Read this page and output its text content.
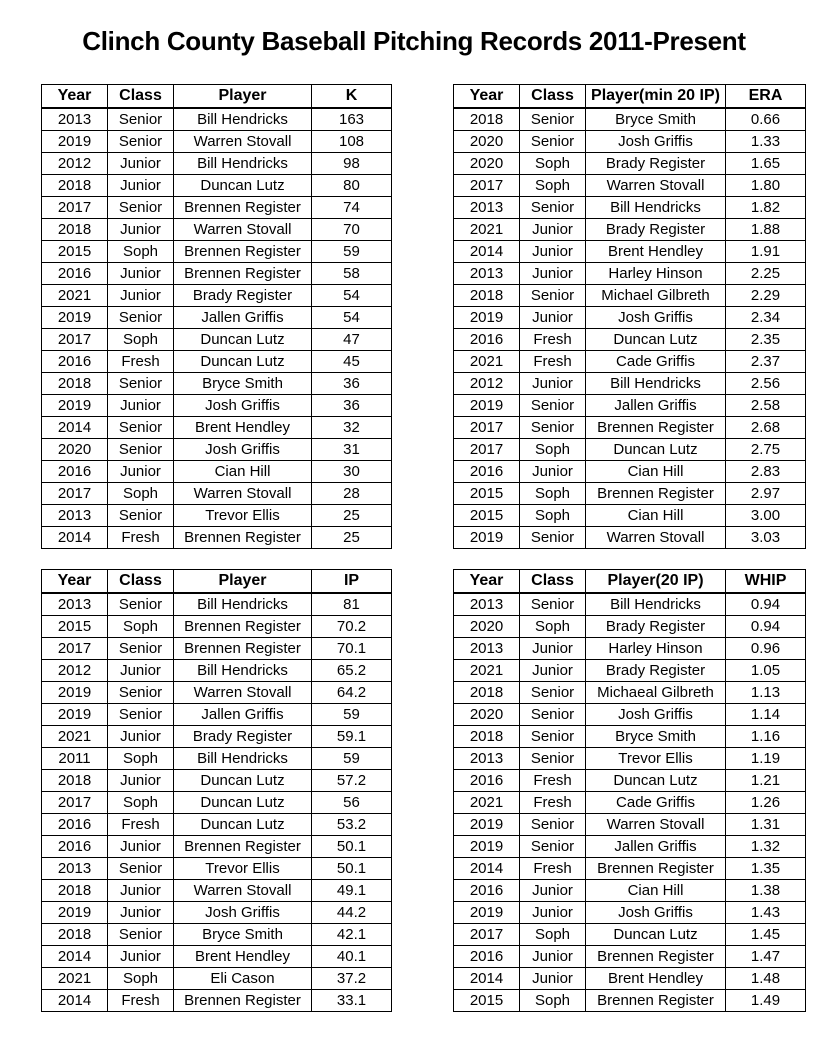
Clinch County Baseball Pitching Records 2011-Present
Year	Class	Player	K
2013	Senior	Bill Hendricks	163
2019	Senior	Warren Stovall	108
2012	Junior	Bill Hendricks	98
2018	Junior	Duncan Lutz	80
2017	Senior	Brennen Register	74
2018	Junior	Warren Stovall	70
2015	Soph	Brennen Register	59
2016	Junior	Brennen Register	58
2021	Junior	Brady Register	54
2019	Senior	Jallen Griffis	54
2017	Soph	Duncan Lutz	47
2016	Fresh	Duncan Lutz	45
2018	Senior	Bryce Smith	36
2019	Junior	Josh Griffis	36
2014	Senior	Brent Hendley	32
2020	Senior	Josh Griffis	31
2016	Junior	Cian Hill	30
2017	Soph	Warren Stovall	28
2013	Senior	Trevor Ellis	25
2014	Fresh	Brennen Register	25
Year	Class	Player(min 20 IP)	ERA
2018	Senior	Bryce Smith	0.66
2020	Senior	Josh Griffis	1.33
2020	Soph	Brady Register	1.65
2017	Soph	Warren Stovall	1.80
2013	Senior	Bill Hendricks	1.82
2021	Junior	Brady Register	1.88
2014	Junior	Brent Hendley	1.91
2013	Junior	Harley Hinson	2.25
2018	Senior	Michael Gilbreth	2.29
2019	Junior	Josh Griffis	2.34
2016	Fresh	Duncan Lutz	2.35
2021	Fresh	Cade Griffis	2.37
2012	Junior	Bill Hendricks	2.56
2019	Senior	Jallen Griffis	2.58
2017	Senior	Brennen Register	2.68
2017	Soph	Duncan Lutz	2.75
2016	Junior	Cian Hill	2.83
2015	Soph	Brennen Register	2.97
2015	Soph	Cian Hill	3.00
2019	Senior	Warren Stovall	3.03
Year	Class	Player	IP
2013	Senior	Bill Hendricks	81
2015	Soph	Brennen Register	70.2
2017	Senior	Brennen Register	70.1
2012	Junior	Bill Hendricks	65.2
2019	Senior	Warren Stovall	64.2
2019	Senior	Jallen Griffis	59
2021	Junior	Brady Register	59.1
2011	Soph	Bill Hendricks	59
2018	Junior	Duncan Lutz	57.2
2017	Soph	Duncan Lutz	56
2016	Fresh	Duncan Lutz	53.2
2016	Junior	Brennen Register	50.1
2013	Senior	Trevor Ellis	50.1
2018	Junior	Warren Stovall	49.1
2019	Junior	Josh Griffis	44.2
2018	Senior	Bryce Smith	42.1
2014	Junior	Brent Hendley	40.1
2021	Soph	Eli Cason	37.2
2014	Fresh	Brennen Register	33.1
Year	Class	Player(20 IP)	WHIP
2013	Senior	Bill Hendricks	0.94
2020	Soph	Brady Register	0.94
2013	Junior	Harley Hinson	0.96
2021	Junior	Brady Register	1.05
2018	Senior	Michaeal Gilbreth	1.13
2020	Senior	Josh Griffis	1.14
2018	Senior	Bryce Smith	1.16
2013	Senior	Trevor Ellis	1.19
2016	Fresh	Duncan Lutz	1.21
2021	Fresh	Cade Griffis	1.26
2019	Senior	Warren Stovall	1.31
2019	Senior	Jallen Griffis	1.32
2014	Fresh	Brennen Register	1.35
2016	Junior	Cian Hill	1.38
2019	Junior	Josh Griffis	1.43
2017	Soph	Duncan Lutz	1.45
2016	Junior	Brennen Register	1.47
2014	Junior	Brent Hendley	1.48
2015	Soph	Brennen Register	1.49
